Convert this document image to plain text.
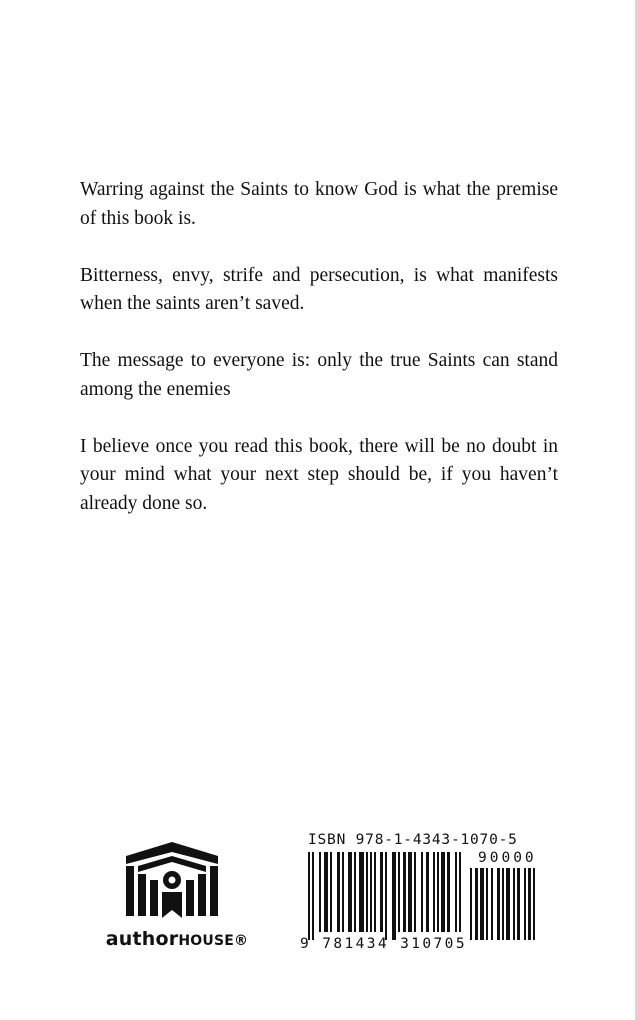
Warring against the Saints to know God is what the premise of this book is.

Bitterness, envy, strife and persecution, is what manifests when the saints aren’t saved.

The message to everyone is: only the true Saints can stand among the enemies

I believe once you read this book, there will be no doubt in your mind what your next step should be, if you haven’t already done so.

authorHOUSE®
ISBN 978-1-4343-1070-5
90000
9 781434 310705
